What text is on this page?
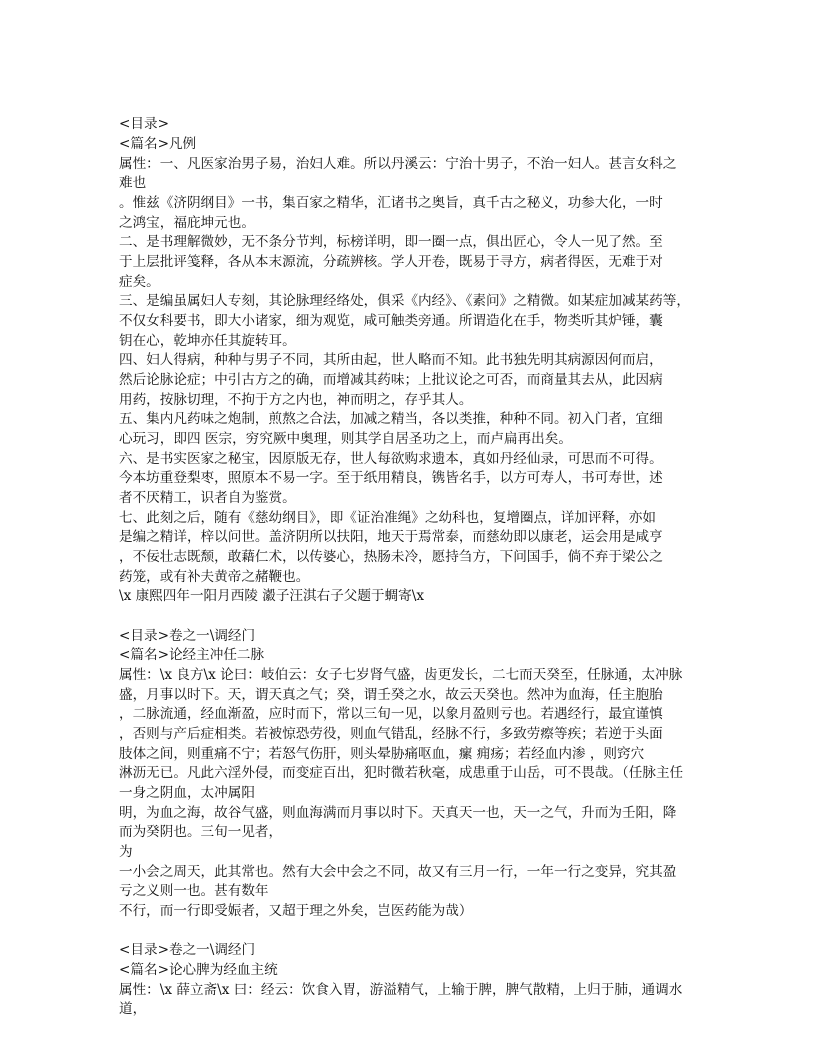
<目录>
<篇名>凡例
属性：一、凡医家治男子易，治妇人难。所以丹溪云：宁治十男子，不治一妇人。甚言女科之
难也
。惟兹《济阴纲目》一书，集百家之精华，汇诸书之奥旨，真千古之秘义，功参大化，一时
之鸿宝，福庇坤元也。
二、是书理解微妙，无不条分节判，标榜详明，即一圈一点，俱出匠心，令人一见了然。至
于上层批评笺释，各从本末源流，分疏辨核。学人开卷，既易于寻方，病者得医，无难于对
症矣。
三、是编虽属妇人专刻，其论脉理经络处，俱采《内经》、《素问》之精微。如某症加减某药等，
不仅女科要书，即大小诸家，细为观览，咸可触类旁通。所谓造化在手，物类听其炉锤，囊
钥在心，乾坤亦任其旋转耳。
四、妇人得病，种种与男子不同，其所由起，世人略而不知。此书独先明其病源因何而启，
然后论脉论症；中引古方之的确，而增减其药味；上批议论之可否，而商量其去从，此因病
用药，按脉切理，不拘于方之内也，神而明之，存乎其人。
五、集内凡药味之炮制，煎熬之合法，加减之精当，各以类推，种种不同。初入门者，宜细
心玩习，即四 医宗，穷究厥中奥理，则其学自居圣功之上，而卢扁再出矣。
六、是书实医家之秘宝，因原版无存，世人每欲购求遗本，真如丹经仙录，可思而不可得。
今本坊重登梨枣，照原本不易一字。至于纸用精良，镌皆名手，以方可寿人，书可寿世，述
者不厌精工，识者自为鉴赏。
七、此刻之后，随有《慈幼纲目》，即《证治准绳》之幼科也，复增圈点，详加评释，亦如
是编之精详，梓以问世。盖济阴所以扶阳，地天于焉常泰，而慈幼即以康老，运会用是咸亨
，不佞壮志既颓，敢藉仁术，以传婆心，热肠未冷，愿持刍方，下问国手，倘不弃于梁公之
药笼，或有补夫黄帝之赭鞭也。
\x 康熙四年一阳月西陵 瀫子汪淇右子父题于蜩寄\x
<目录>卷之一\调经门
<篇名>论经主冲任二脉
属性：\x 良方\x 论曰：岐伯云：女子七岁肾气盛，齿更发长，二七而天癸至，任脉通，太冲脉
盛，月事以时下。天，谓天真之气；癸，谓壬癸之水，故云天癸也。然冲为血海，任主胞胎
，二脉流通，经血渐盈，应时而下，常以三旬一见，以象月盈则亏也。若遇经行，最宜谨慎
，否则与产后症相类。若被惊恐劳役，则血气错乱，经脉不行，多致劳瘵等疾；若逆于头面
肢体之间，则重痛不宁；若怒气伤肝，则头晕胁痛呕血，瘰 痈疡；若经血内渗 ，则窍穴
淋沥无已。凡此六淫外侵，而变症百出，犯时微若秋毫，成患重于山岳，可不畏哉。（任脉主任
一身之阴血，太冲属阳
明，为血之海，故谷气盛，则血海满而月事以时下。天真天一也，天一之气，升而为壬阳，降
而为癸阴也。三旬一见者，
为
一小会之周天，此其常也。然有大会中会之不同，故又有三月一行，一年一行之变异，究其盈
亏之义则一也。甚有数年
不行，而一行即受娠者，又超于理之外矣，岂医药能为哉）
<目录>卷之一\调经门
<篇名>论心脾为经血主统
属性：\x 薛立斋\x 曰：经云：饮食入胃，游溢精气，上输于脾，脾气散精，上归于肺，通调水
道，
